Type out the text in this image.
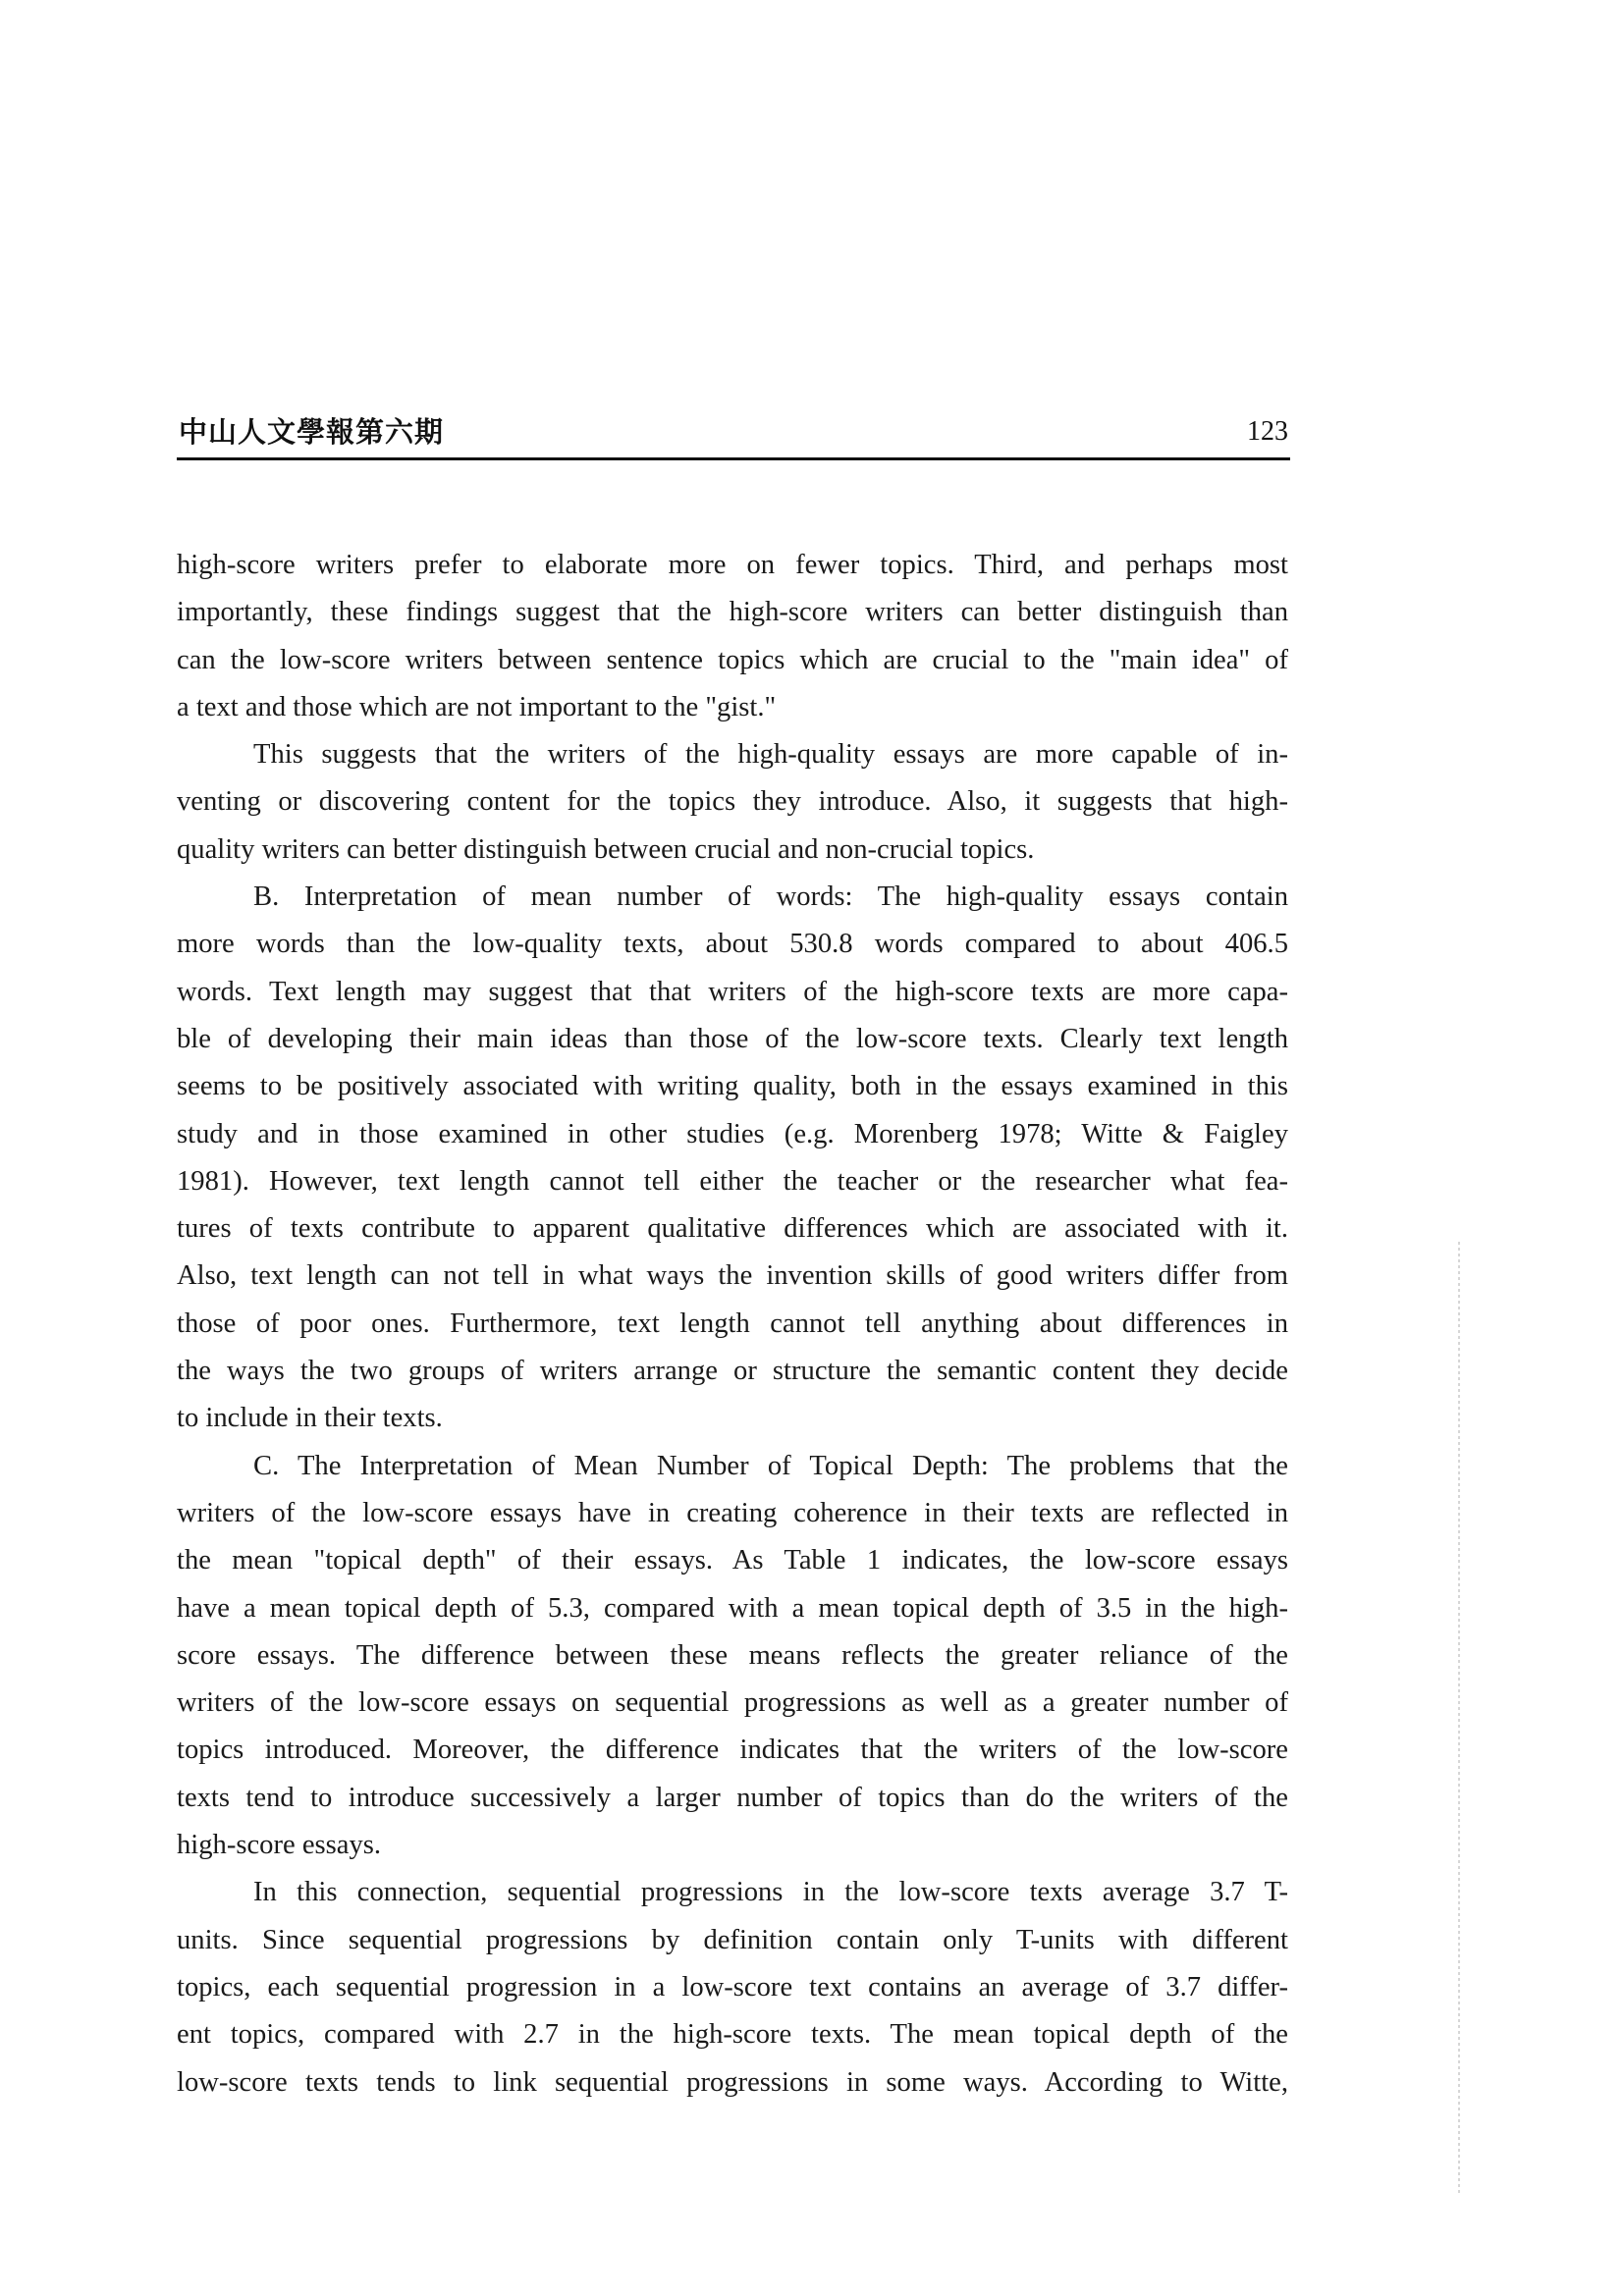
中山人文學報第六期	123
high-score writers prefer to elaborate more on fewer topics. Third, and perhaps most
importantly, these findings suggest that the high-score writers can better distinguish than
can the low-score writers between sentence topics which are crucial to the "main idea" of
a text and those which are not important to the "gist."
This suggests that the writers of the high-quality essays are more capable of in-
venting or discovering content for the topics they introduce. Also, it suggests that high-
quality writers can better distinguish between crucial and non-crucial topics.
B. Interpretation of mean number of words: The high-quality essays contain
more words than the low-quality texts, about 530.8 words compared to about 406.5
words. Text length may suggest that that writers of the high-score texts are more capa-
ble of developing their main ideas than those of the low-score texts. Clearly text length
seems to be positively associated with writing quality, both in the essays examined in this
study and in those examined in other studies (e.g. Morenberg 1978; Witte & Faigley
1981). However, text length cannot tell either the teacher or the researcher what fea-
tures of texts contribute to apparent qualitative differences which are associated with it.
Also, text length can not tell in what ways the invention skills of good writers differ from
those of poor ones. Furthermore, text length cannot tell anything about differences in
the ways the two groups of writers arrange or structure the semantic content they decide
to include in their texts.
C. The Interpretation of Mean Number of Topical Depth: The problems that the
writers of the low-score essays have in creating coherence in their texts are reflected in
the mean "topical depth" of their essays. As Table 1 indicates, the low-score essays
have a mean topical depth of 5.3, compared with a mean topical depth of 3.5 in the high-
score essays. The difference between these means reflects the greater reliance of the
writers of the low-score essays on sequential progressions as well as a greater number of
topics introduced. Moreover, the difference indicates that the writers of the low-score
texts tend to introduce successively a larger number of topics than do the writers of the
high-score essays.
In this connection, sequential progressions in the low-score texts average 3.7 T-
units. Since sequential progressions by definition contain only T-units with different
topics, each sequential progression in a low-score text contains an average of 3.7 differ-
ent topics, compared with 2.7 in the high-score texts. The mean topical depth of the
low-score texts tends to link sequential progressions in some ways. According to Witte,
